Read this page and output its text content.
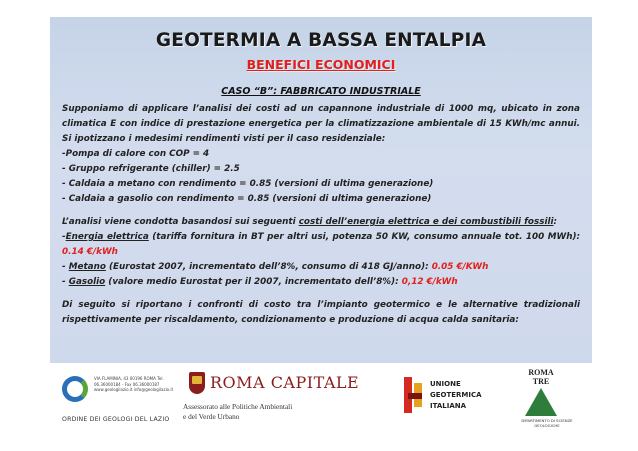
GEOTERMIA A BASSA ENTALPIA
BENEFICI ECONOMICI
CASO “B”: FABBRICATO INDUSTRIALE

Supponiamo di applicare l’analisi dei costi ad un capannone industriale di 1000 mq, ubicato in zona climatica E con indice di prestazione energetica per la climatizzazione ambientale di 15 KWh/mc annui. Si ipotizzano i medesimi rendimenti visti per il caso residenziale:

-Pompa di calore con COP = 4

- Gruppo refrigerante (chiller) = 2.5

- Caldaia a metano con rendimento = 0.85 (versioni di ultima generazione)

- Caldaia a gasolio con rendimento = 0.85 (versioni di ultima generazione)

L’analisi viene condotta basandosi sui seguenti costi dell’energia elettrica e dei combustibili fossili:

-Energia elettrica (tariffa fornitura in BT per altri usi, potenza 50 KW, consumo annuale tot. 100 MWh): 0.14 €/kWh

- Metano (Eurostat 2007, incrementato dell’8%, consumo di 418 GJ/anno): 0.05 €/KWh

- Gasolio (valore medio Eurostat per il 2007, incrementato dell’8%): 0,12 €/kWh

Di seguito si riportano i confronti di costo tra l’impianto geotermico e le alternative tradizionali rispettivamente per riscaldamento, condizionamento e produzione di acqua calda sanitaria:

VIA FLAMINIA, 43 00196 ROMA Tel. 06.36000184 - Fax 06.36000187 www.geologilazio.it info@geologilazio.it
ORDINE DEI GEOLOGI DEL LAZIO
ROMA CAPITALE
Assessorato alle Politiche Ambientali
e del Verde Urbano
UNIONE
GEOTERMICA
ITALIANA
ROMA
TRE
DIPARTIMENTO DI SCIENZE GEOLOGICHE
